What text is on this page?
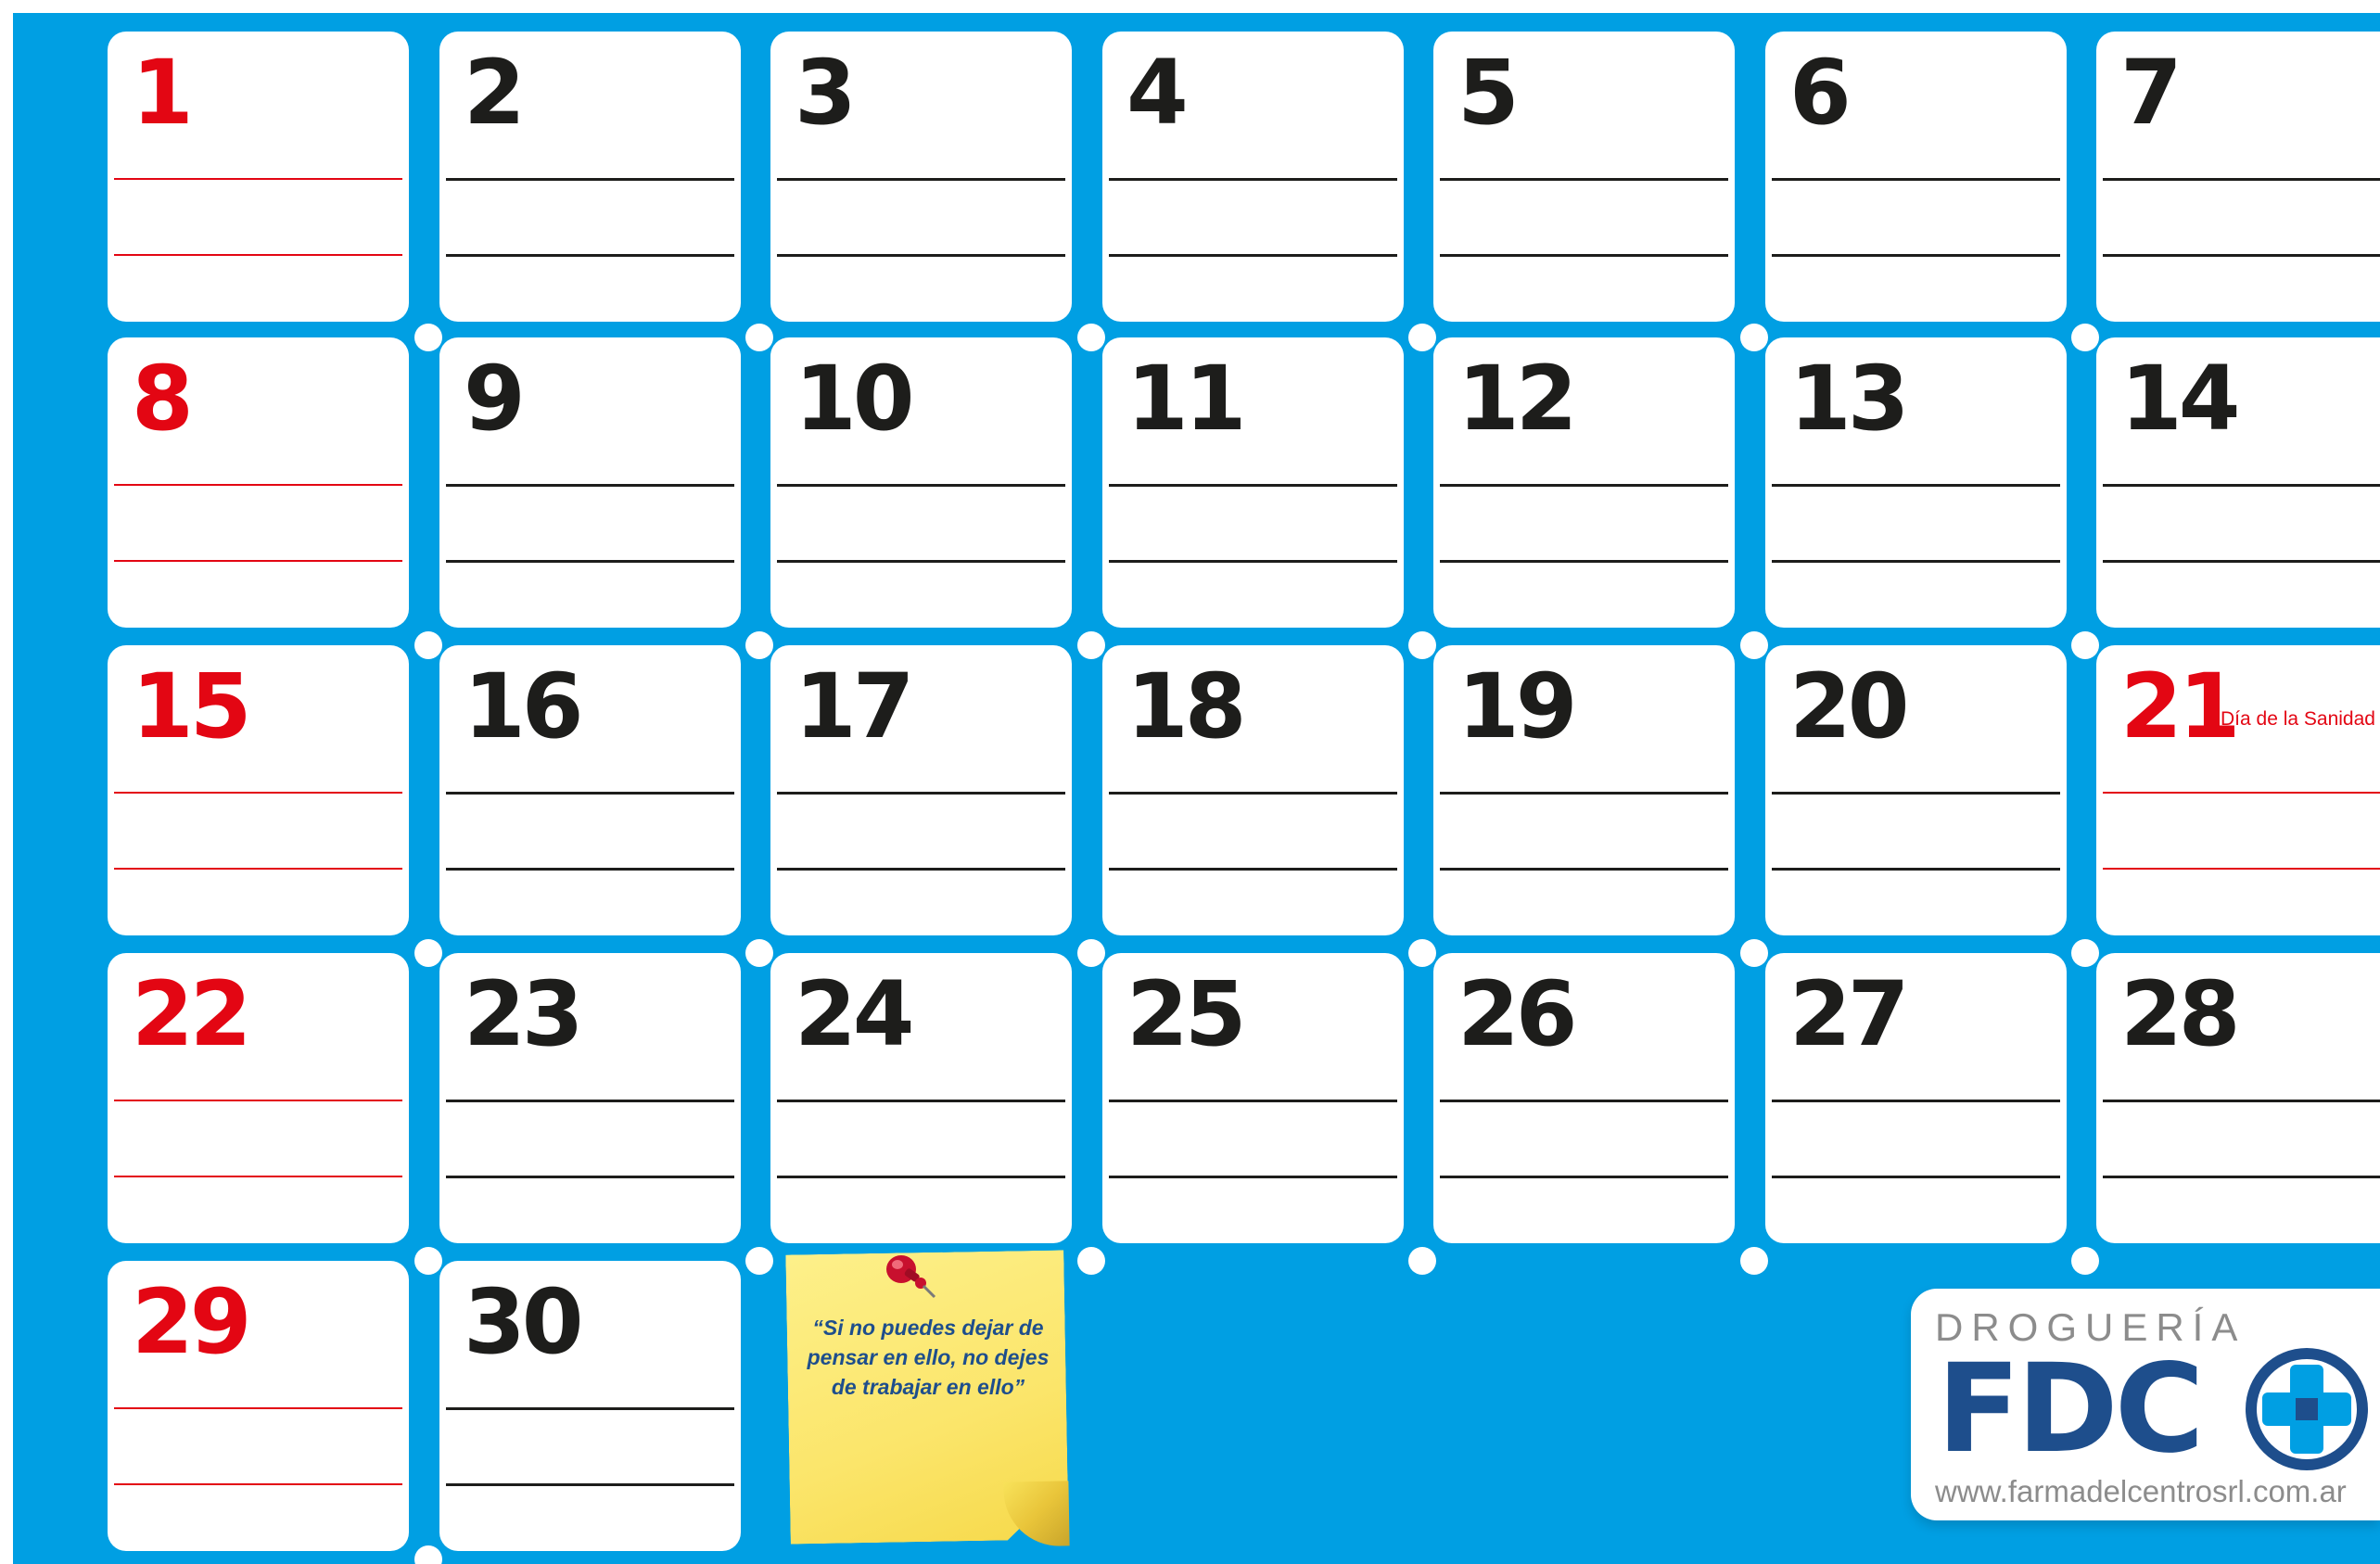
1	2	3	4	5	6	7
8	9	10 11 12 13 14
15 16 17 18 19 20 21
Día de la Sanidad
22 23 24 25 26 27 28
29 30	“Si no puedes dejar de
pensar en ello, no dejes
de trabajar en ello”
DROGUERÍA
FDC
www.farmadelcentrosrl.com.ar
